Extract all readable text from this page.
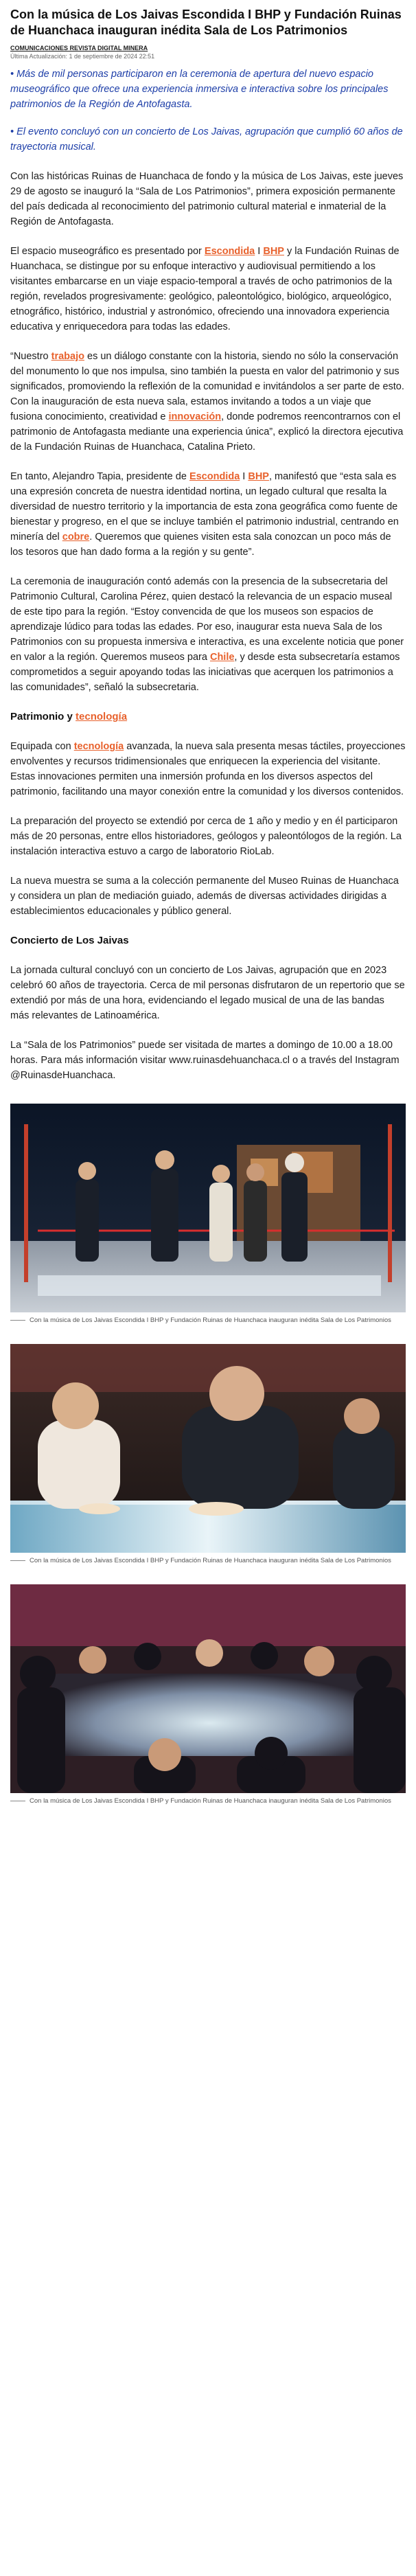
Con la música de Los Jaivas Escondida I BHP y Fundación Ruinas de Huanchaca inauguran inédita Sala de Los Patrimonios
COMUNICACIONES REVISTA DIGITAL MINERA
Última Actualización: 1 de septiembre de 2024 22:51

• Más de mil personas participaron en la ceremonia de apertura del nuevo espacio museográfico que ofrece una experiencia inmersiva e interactiva sobre los principales patrimonios de la Región de Antofagasta.

• El evento concluyó con un concierto de Los Jaivas, agrupación que cumplió 60 años de trayectoria musical.

Con las históricas Ruinas de Huanchaca de fondo y la música de Los Jaivas, este jueves 29 de agosto se inauguró la “Sala de Los Patrimonios”, primera exposición permanente del país dedicada al reconocimiento del patrimonio cultural material e inmaterial de la Región de Antofagasta.

El espacio museográfico es presentado por Escondida I BHP y la Fundación Ruinas de Huanchaca, se distingue por su enfoque interactivo y audiovisual permitiendo a los visitantes embarcarse en un viaje espacio-temporal a través de ocho patrimonios de la región, revelados progresivamente: geológico, paleontológico, biológico, arqueológico, etnográfico, histórico, industrial y astronómico, ofreciendo una innovadora experiencia educativa y enriquecedora para todas las edades.

“Nuestro trabajo es un diálogo constante con la historia, siendo no sólo la conservación del monumento lo que nos impulsa, sino también la puesta en valor del patrimonio y sus significados, promoviendo la reflexión de la comunidad e invitándolos a ser parte de esto. Con la inauguración de esta nueva sala, estamos invitando a todos a un viaje que fusiona conocimiento, creatividad e innovación, donde podremos reencontrarnos con el patrimonio de Antofagasta mediante una experiencia única”, explicó la directora ejecutiva de la Fundación Ruinas de Huanchaca, Catalina Prieto.

En tanto, Alejandro Tapia, presidente de Escondida I BHP, manifestó que “esta sala es una expresión concreta de nuestra identidad nortina, un legado cultural que resalta la diversidad de nuestro territorio y la importancia de esta zona geográfica como fuente de bienestar y progreso, en el que se incluye también el patrimonio industrial, centrando en minería del cobre. Queremos que quienes visiten esta sala conozcan un poco más de los tesoros que han dado forma a la región y su gente”.

La ceremonia de inauguración contó además con la presencia de la subsecretaria del Patrimonio Cultural, Carolina Pérez, quien destacó la relevancia de un espacio museal de este tipo para la región. “Estoy convencida de que los museos son espacios de aprendizaje lúdico para todas las edades. Por eso, inaugurar esta nueva Sala de los Patrimonios con su propuesta inmersiva e interactiva, es una excelente noticia que poner en valor a la región. Queremos museos para Chile, y desde esta subsecretaría estamos comprometidos a seguir apoyando todas las iniciativas que acerquen los patrimonios a las comunidades”, señaló la subsecretaria.

Patrimonio y tecnología

Equipada con tecnología avanzada, la nueva sala presenta mesas táctiles, proyecciones envolventes y recursos tridimensionales que enriquecen la experiencia del visitante. Estas innovaciones permiten una inmersión profunda en los diversos aspectos del patrimonio, facilitando una mayor conexión entre la comunidad y los diversos contenidos.

La preparación del proyecto se extendió por cerca de 1 año y medio y en él participaron más de 20 personas, entre ellos historiadores, geólogos y paleontólogos de la región. La instalación interactiva estuvo a cargo de laboratorio RioLab.

La nueva muestra se suma a la colección permanente del Museo Ruinas de Huanchaca y considera un plan de mediación guiado, además de diversas actividades dirigidas a establecimientos educacionales y público general.

Concierto de Los Jaivas

La jornada cultural concluyó con un concierto de Los Jaivas, agrupación que en 2023 celebró 60 años de trayectoria. Cerca de mil personas disfrutaron de un repertorio que se extendió por más de una hora, evidenciando el legado musical de una de las bandas más relevantes de Latinoamérica.

La “Sala de los Patrimonios” puede ser visitada de martes a domingo de 10.00 a 18.00 horas. Para más información visitar www.ruinasdehuanchaca.cl o a través del Instagram @RuinasdeHuanchaca.

Con la música de Los Jaivas Escondida I BHP y Fundación Ruinas de Huanchaca inauguran inédita Sala de Los Patrimonios
Con la música de Los Jaivas Escondida I BHP y Fundación Ruinas de Huanchaca inauguran inédita Sala de Los Patrimonios
Con la música de Los Jaivas Escondida I BHP y Fundación Ruinas de Huanchaca inauguran inédita Sala de Los Patrimonios
